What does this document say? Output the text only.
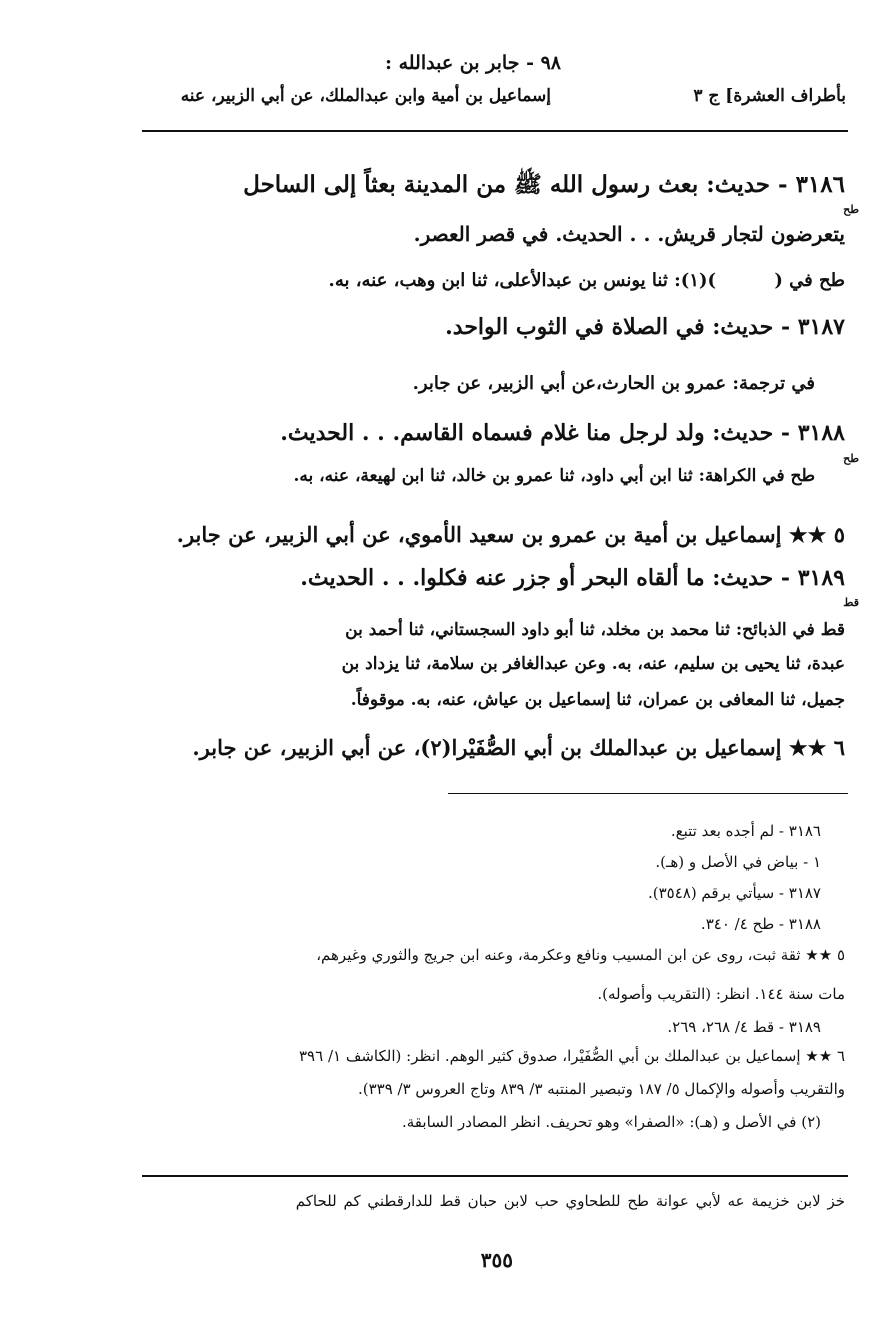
٩٨ - جابر بن عبدالله :
إسماعيل بن أمية وابن عبدالملك، عن أبي الزبير، عنه	بأطراف العشرة] ج ٣
٣١٨٦ - حديث: بعث رسول الله ﷺ من المدينة بعثاً إلى الساحل
طح
يتعرضون لتجار قريش. . . الحديث. في قصر العصر.
طح في (
)(١): ثنا يونس بن عبدالأعلى، ثنا ابن وهب، عنه، به.
٣١٨٧ - حديث: في الصلاة في الثوب الواحد.
في ترجمة: عمرو بن الحارث،عن أبي الزبير، عن جابر.
٣١٨٨ - حديث: ولد لرجل منا غلام فسماه القاسم. . . الحديث.
طح
طح في الكراهة: ثنا ابن أبي داود، ثنا عمرو بن خالد، ثنا ابن لهيعة، عنه، به.
٥ ★★ إسماعيل بن أمية بن عمرو بن سعيد الأموي، عن أبي الزبير، عن جابر.
٣١٨٩ - حديث: ما ألقاه البحر أو جزر عنه فكلوا. . . الحديث.
قط
قط في الذبائح: ثنا محمد بن مخلد، ثنا أبو داود السجستاني، ثنا أحمد بن
عبدة، ثنا يحيى بن سليم، عنه، به. وعن عبدالغافر بن سلامة، ثنا يزداد بن
جميل، ثنا المعافى بن عمران، ثنا إسماعيل بن عياش، عنه، به. موقوفاً.
٦ ★★ إسماعيل بن عبدالملك بن أبي الصُّفَيْرا(٢)، عن أبي الزبير، عن جابر.
٣١٨٦ - لم أجده بعد تتبع.
١ - بياض في الأصل و (هـ).
٣١٨٧ - سيأتي برقم (٣٥٤٨).
٣١٨٨ - طح ٤/ ٣٤٠.
٥ ★★ ثقة ثبت، روى عن ابن المسيب ونافع وعكرمة، وعنه ابن جريج والثوري وغيرهم،
مات سنة ١٤٤. انظر: (التقريب وأصوله).
٣١٨٩ - قط ٤/ ٢٦٨، ٢٦٩.
٦ ★★ إسماعيل بن عبدالملك بن أبي الصُّفَيْرا، صدوق كثير الوهم. انظر: (الكاشف ١/ ٣٩٦
والتقريب وأصوله والإكمال ٥/ ١٨٧ وتبصير المنتبه ٣/ ٨٣٩ وتاج العروس ٣/ ٣٣٩).
(٢) في الأصل و (هـ): «الصفرا» وهو تحريف. انظر المصادر السابقة.
خز لابن خزيمة عه لأبي عوانة طح للطحاوي حب لابن حبان قط للدارقطني كم للحاكم
٣٥٥
